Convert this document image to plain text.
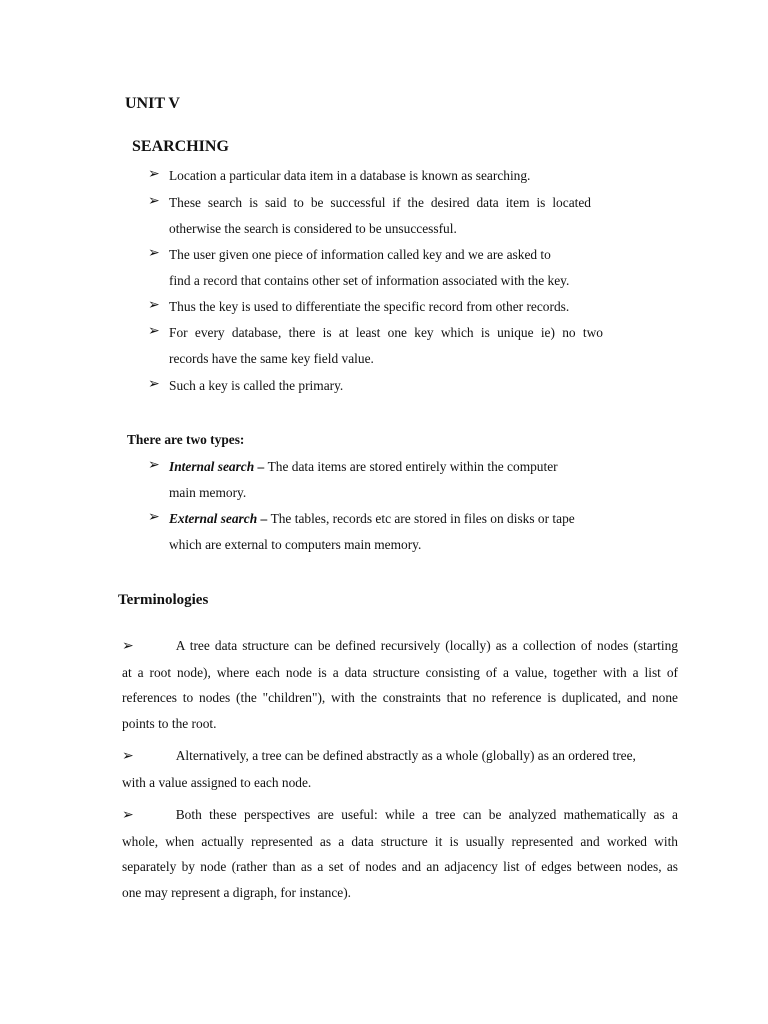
UNIT V
SEARCHING
➢ Location a particular data item in a database is known as searching.
➢ These search is said to be successful if the desired data item is located
otherwise the search is considered to be unsuccessful.
➢ The user given one piece of information called key and we are asked to
find a record that contains other set of information associated with the key.
➢ Thus the key is used to differentiate the specific record from other records.
➢ For every database, there is at least one key which is unique ie) no two
records have the same key field value.
➢ Such a key is called the primary.
There are two types:
➢ Internal search – The data items are stored entirely within the computer
main memory.
➢ External search – The tables, records etc are stored in files on disks or tape
which are external to computers main memory.
Terminologies
➢	A tree data structure can be defined recursively (locally) as a collection of nodes (starting
at a root node), where each node is a data structure consisting of a value, together with a list of
references to nodes (the "children"), with the constraints that no reference is duplicated, and none
points to the root.
➢	Alternatively, a tree can be defined abstractly as a whole (globally) as an ordered tree,
with a value assigned to each node.
➢	Both these perspectives are useful: while a tree can be analyzed mathematically as a
whole, when actually represented as a data structure it is usually represented and worked with
separately by node (rather than as a set of nodes and an adjacency list of edges between nodes, as
one may represent a digraph, for instance).
